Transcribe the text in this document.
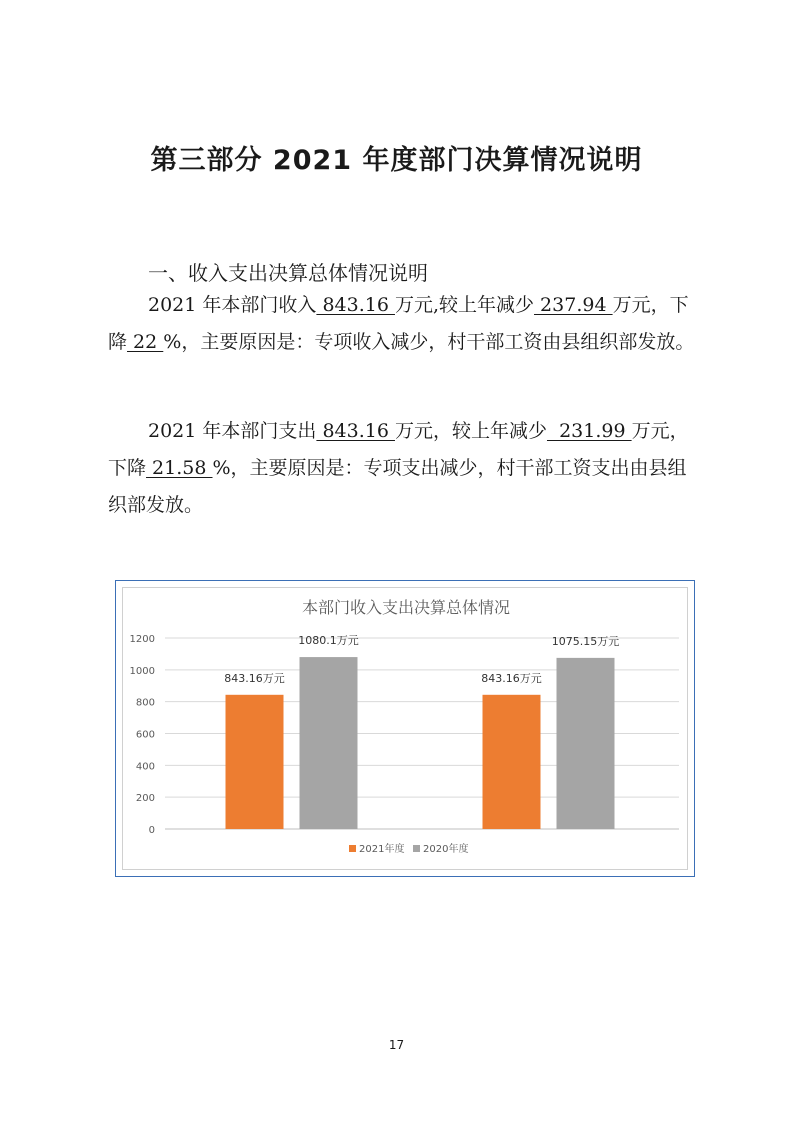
第三部分 2021 年度部门决算情况说明
一、收入支出决算总体情况说明
2021 年本部门收入 843.16 万元,较上年减少 237.94 万元，下降 22 %，主要原因是：专项收入减少，村干部工资由县组织部发放。
2021 年本部门支出 843.16 万元，较上年减少  231.99 万元，下降 21.58 %，主要原因是：专项支出减少，村干部工资支出由县组织部发放。
本部门收入支出决算总体情况
0
200
400
600
800
1000
1200
843.16万元
1080.1万元
843.16万元
1075.15万元
2021年度 2020年度
17
